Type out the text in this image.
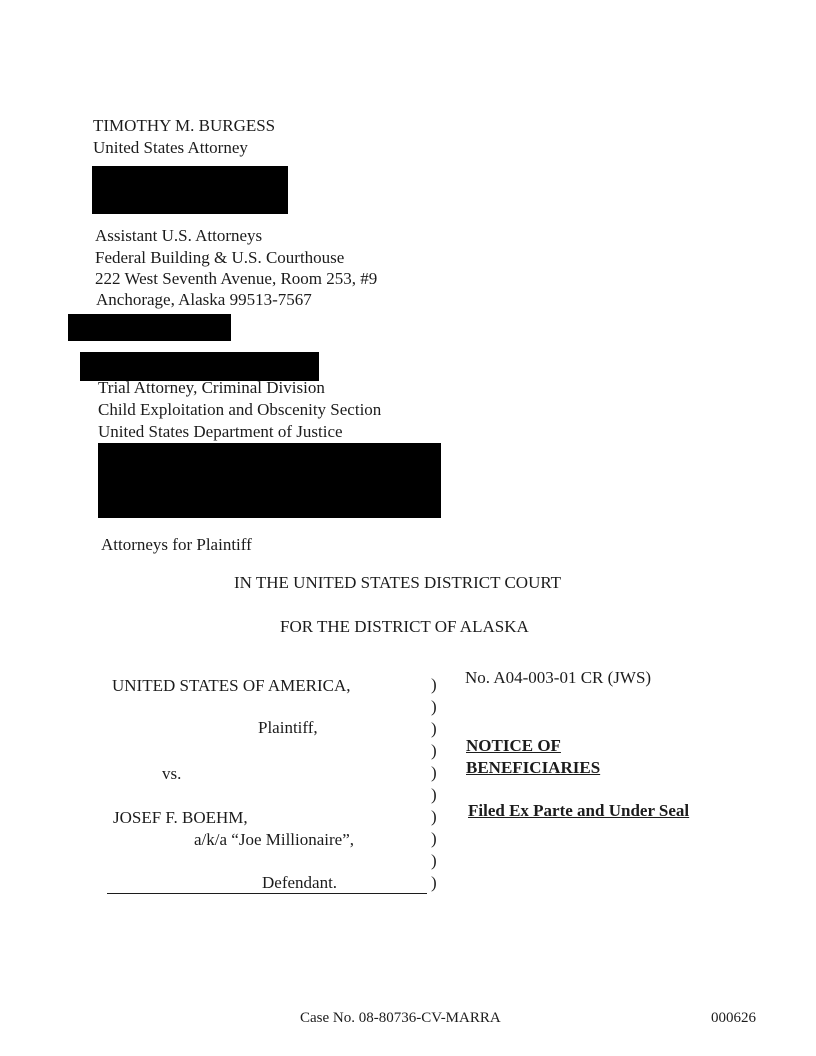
TIMOTHY M. BURGESS
United States Attorney
Assistant U.S. Attorneys
Federal Building & U.S. Courthouse
222 West Seventh Avenue, Room 253, #9
Anchorage, Alaska 99513-7567
Trial Attorney, Criminal Division
Child Exploitation and Obscenity Section
United States Department of Justice
Attorneys for Plaintiff
IN THE UNITED STATES DISTRICT COURT
FOR THE DISTRICT OF ALASKA
UNITED STATES OF AMERICA,
Plaintiff,
vs.
JOSEF F. BOEHM,
a/k/a “Joe Millionaire”,
Defendant.
)
)
)
)
)
)
)
)
)
)
No. A04-003-01 CR (JWS)
NOTICE OF
BENEFICIARIES
Filed Ex Parte and Under Seal
Case No. 08-80736-CV-MARRA	000626
